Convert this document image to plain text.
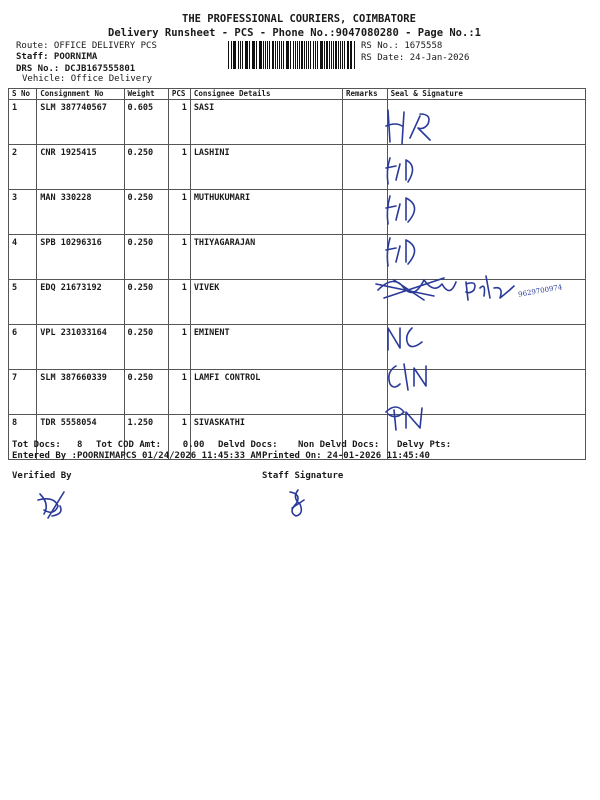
THE PROFESSIONAL COURIERS, COIMBATORE
Delivery Runsheet - PCS - Phone No.:9047080280 - Page No.:1
Route: OFFICE DELIVERY PCS
Staff: POORNIMA
DRS No.: DCJB167555801
Vehicle: Office Delivery
RS No.: 1675558
RS Date: 24-Jan-2026
S No	Consignment No	Weight	PCS	Consignee Details	Remarks	Seal & Signature
1	SLM 387740567	0.605	1	SASI		
2	CNR 1925415	0.250	1	LASHINI		
3	MAN 330228	0.250	1	MUTHUKUMARI		
4	SPB 10296316	0.250	1	THIYAGARAJAN		
5	EDQ 21673192	0.250	1	VIVEK		
6	VPL 231033164	0.250	1	EMINENT		
7	SLM 387660339	0.250	1	LAMFI CONTROL		
8	TDR 5558054	1.250	1	SIVASKATHI		
9629700974
Tot Docs: 8 Tot COD Amt: 0.00 Delvd Docs: Non Delvd Docs: Delvy Pts:
Entered By :POORNIMAPCS 01/24/2026 11:45:33 AM Printed On: 24-01-2026 11:45:40
Verified By	Staff Signature
